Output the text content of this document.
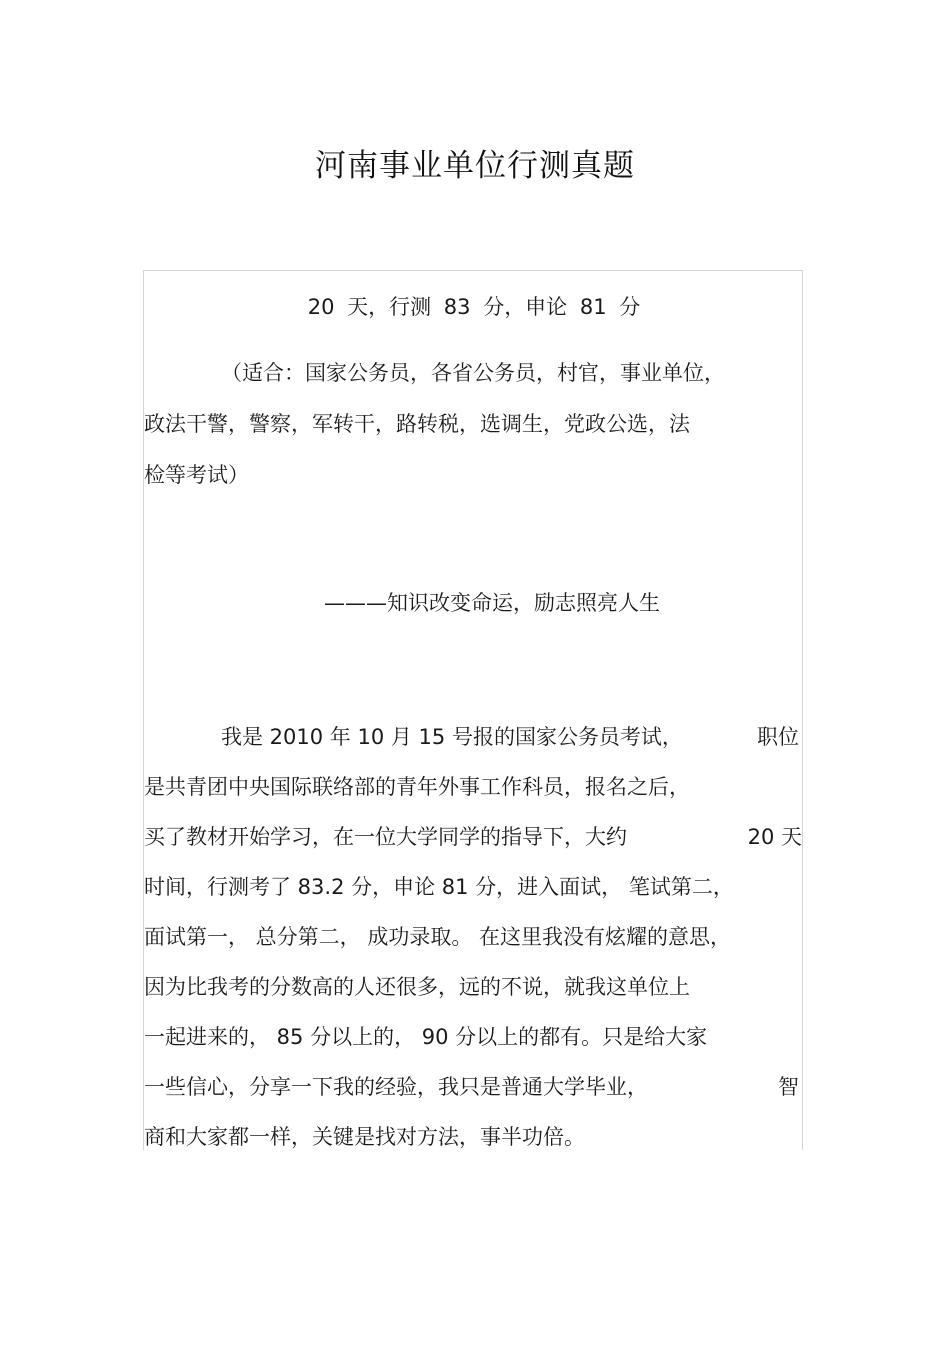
河南事业单位行测真题
20 天，行测 83 分，申论 81 分
（适合：国家公务员，各省公务员，村官，事业单位，
政法干警，警察，军转干，路转税，选调生，党政公选，法
检等考试）
———知识改变命运，励志照亮人生
我是 2010 年 10 月 15 号报的国家公务员考试，	职位
是共青团中央国际联络部的青年外事工作科员，报名之后，
买了教材开始学习，在一位大学同学的指导下，大约	20 天
时间，行测考了 83.2 分，申论 81 分，进入面试， 笔试第二，
面试第一， 总分第二， 成功录取。 在这里我没有炫耀的意思，
因为比我考的分数高的人还很多，远的不说，就我这单位上
一起进来的， 85 分以上的， 90 分以上的都有。只是给大家
一些信心，分享一下我的经验，我只是普通大学毕业，	智
商和大家都一样，关键是找对方法，事半功倍。
